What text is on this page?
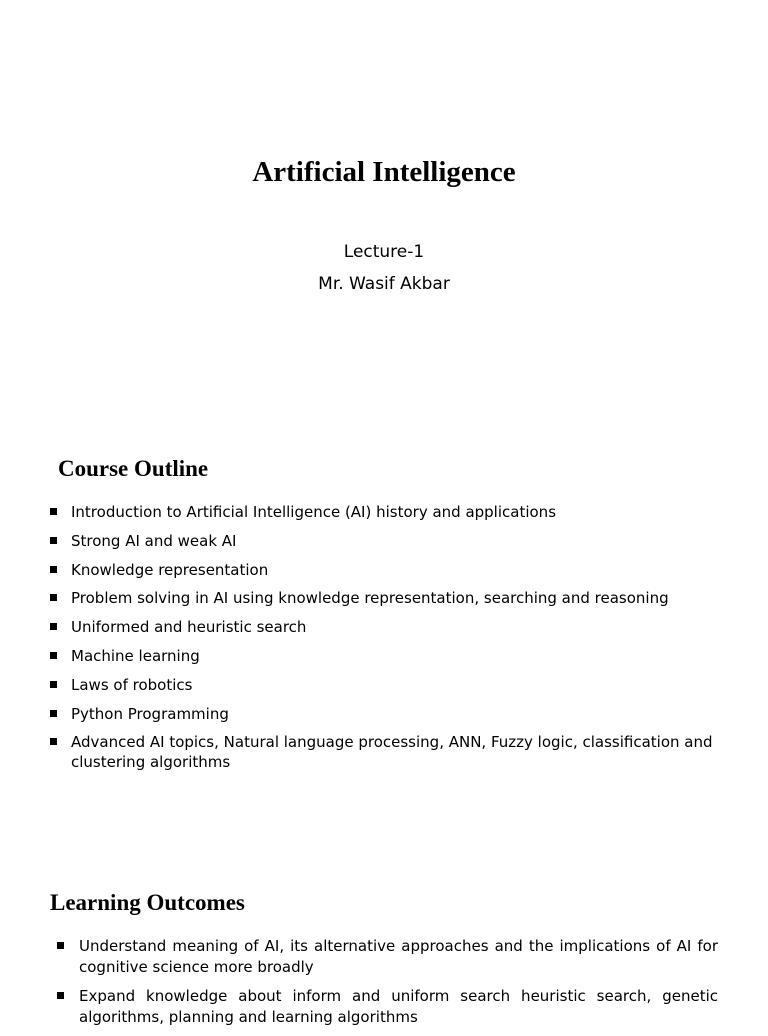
Artificial Intelligence
Lecture-1
Mr. Wasif Akbar
Course Outline
Introduction to Artificial Intelligence (AI) history and applications
Strong AI and weak AI
Knowledge representation
Problem solving in AI using knowledge representation, searching and reasoning
Uniformed and heuristic search
Machine learning
Laws of robotics
Python Programming
Advanced AI topics, Natural language processing, ANN, Fuzzy logic, classification and clustering algorithms
Learning Outcomes
Understand meaning of AI, its alternative approaches and the implications of AI for cognitive science more broadly
Expand knowledge about inform and uniform search heuristic search, genetic algorithms, planning and learning algorithms
